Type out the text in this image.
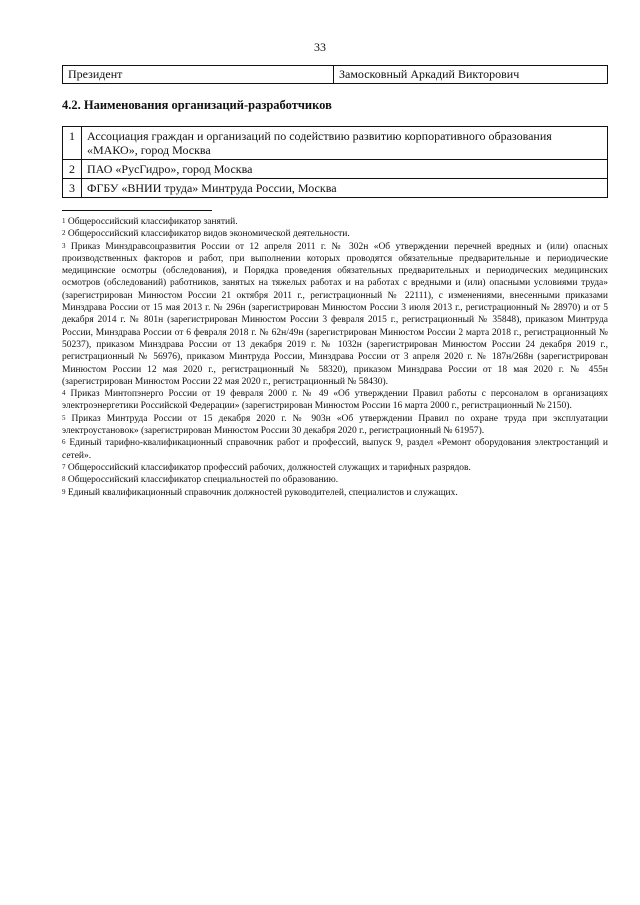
33
Президент	Замосковный Аркадий Викторович
4.2. Наименования организаций-разработчиков
1	Ассоциация граждан и организаций по содействию развитию корпоративного образования «МАКО», город Москва
2	ПАО «РусГидро», город Москва
3	ФГБУ «ВНИИ труда» Минтруда России, Москва

$^1$ Общероссийский классификатор занятий.

$^2$ Общероссийский классификатор видов экономической деятельности.

$^3$ Приказ Минздравсоцразвития России от 12 апреля 2011 г. № 302н «Об утверждении перечней вредных и (или) опасных производственных факторов и работ, при выполнении которых проводятся обязательные предварительные и периодические медицинские осмотры (обследования), и Порядка проведения обязательных предварительных и периодических медицинских осмотров (обследований) работников, занятых на тяжелых работах и на работах с вредными и (или) опасными условиями труда» (зарегистрирован Минюстом России 21 октября 2011 г., регистрационный № 22111), с изменениями, внесенными приказами Минздрава России от 15 мая 2013 г. № 296н (зарегистрирован Минюстом России 3 июля 2013 г., регистрационный № 28970) и от 5 декабря 2014 г. № 801н (зарегистрирован Минюстом России 3 февраля 2015 г., регистрационный № 35848), приказом Минтруда России, Минздрава России от 6 февраля 2018 г. № 62н/49н (зарегистрирован Минюстом России 2 марта 2018 г., регистрационный № 50237), приказом Минздрава России от 13 декабря 2019 г. № 1032н (зарегистрирован Минюстом России 24 декабря 2019 г., регистрационный № 56976), приказом Минтруда России, Минздрава России от 3 апреля 2020 г. № 187н/268н (зарегистрирован Минюстом России 12 мая 2020 г., регистрационный № 58320), приказом Минздрава России от 18 мая 2020 г. № 455н (зарегистрирован Минюстом России 22 мая 2020 г., регистрационный № 58430).

$^4$ Приказ Минтопэнерго России от 19 февраля 2000 г. № 49 «Об утверждении Правил работы с персоналом в организациях электроэнергетики Российской Федерации» (зарегистрирован Минюстом России 16 марта 2000 г., регистрационный № 2150).

$^5$ Приказ Минтруда России от 15 декабря 2020 г. № 903н «Об утверждении Правил по охране труда при эксплуатации электроустановок» (зарегистрирован Минюстом России 30 декабря 2020 г., регистрационный № 61957).

$^6$ Единый тарифно-квалификационный справочник работ и профессий, выпуск 9, раздел «Ремонт оборудования электростанций и сетей».

$^7$ Общероссийский классификатор профессий рабочих, должностей служащих и тарифных разрядов.

$^8$ Общероссийский классификатор специальностей по образованию.

$^9$ Единый квалификационный справочник должностей руководителей, специалистов и служащих.
